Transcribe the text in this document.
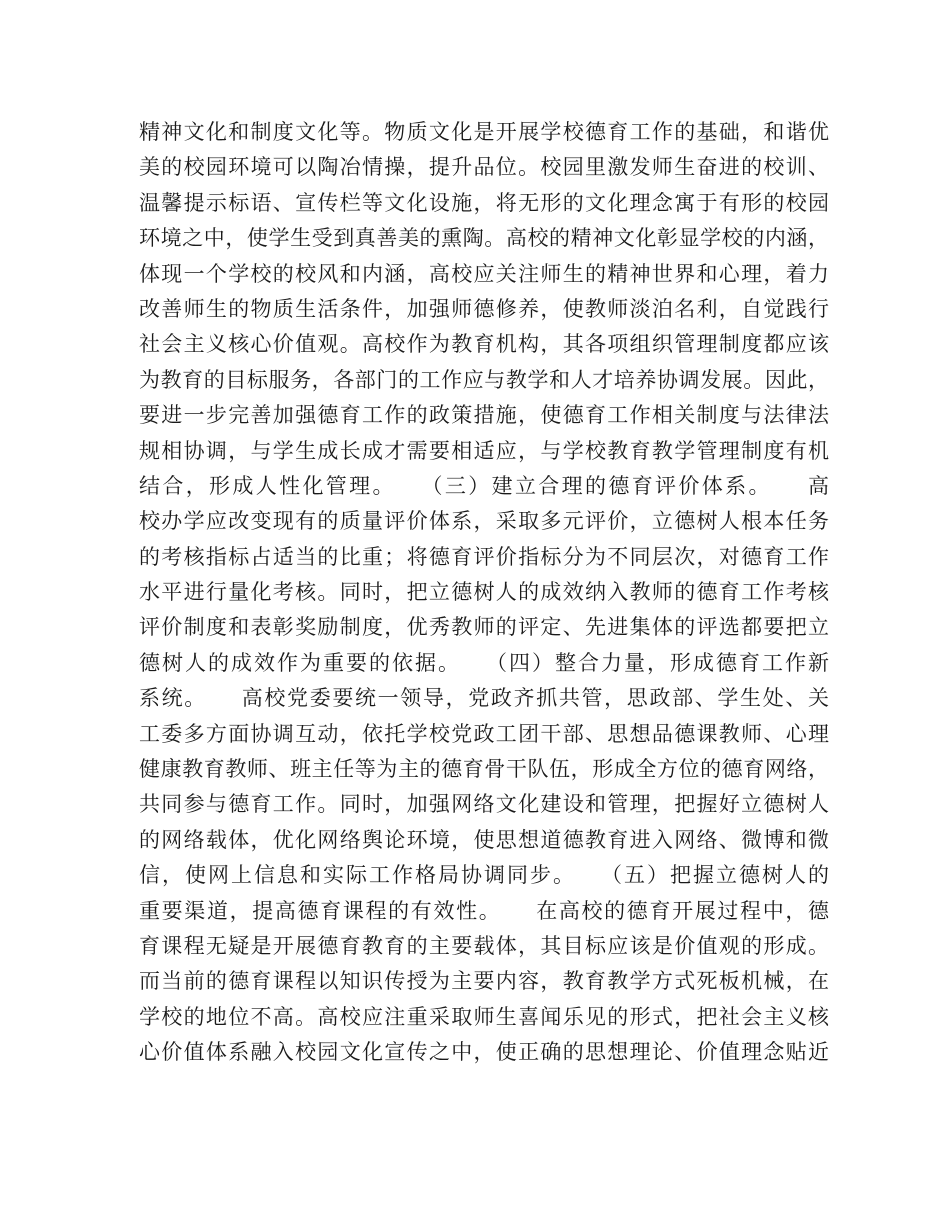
精神文化和制度文化等。物质文化是开展学校德育工作的基础，和谐优
美的校园环境可以陶冶情操，提升品位。校园里激发师生奋进的校训、
温馨提示标语、宣传栏等文化设施，将无形的文化理念寓于有形的校园
环境之中，使学生受到真善美的熏陶。高校的精神文化彰显学校的内涵，
体现一个学校的校风和内涵，高校应关注师生的精神世界和心理，着力
改善师生的物质生活条件，加强师德修养，使教师淡泊名利，自觉践行
社会主义核心价值观。高校作为教育机构，其各项组织管理制度都应该
为教育的目标服务，各部门的工作应与教学和人才培养协调发展。因此，
要进一步完善加强德育工作的政策措施，使德育工作相关制度与法律法
规相协调，与学生成长成才需要相适应，与学校教育教学管理制度有机
结合，形成人性化管理。　　（三）建立合理的德育评价体系。　　高
校办学应改变现有的质量评价体系，采取多元评价，立德树人根本任务
的考核指标占适当的比重；将德育评价指标分为不同层次，对德育工作
水平进行量化考核。同时，把立德树人的成效纳入教师的德育工作考核
评价制度和表彰奖励制度，优秀教师的评定、先进集体的评选都要把立
德树人的成效作为重要的依据。　　（四）整合力量，形成德育工作新
系统。　　高校党委要统一领导，党政齐抓共管，思政部、学生处、关
工委多方面协调互动，依托学校党政工团干部、思想品德课教师、心理
健康教育教师、班主任等为主的德育骨干队伍，形成全方位的德育网络，
共同参与德育工作。同时，加强网络文化建设和管理，把握好立德树人
的网络载体，优化网络舆论环境，使思想道德教育进入网络、微博和微
信，使网上信息和实际工作格局协调同步。　　（五）把握立德树人的
重要渠道，提高德育课程的有效性。　　在高校的德育开展过程中，德
育课程无疑是开展德育教育的主要载体，其目标应该是价值观的形成。
而当前的德育课程以知识传授为主要内容，教育教学方式死板机械，在
学校的地位不高。高校应注重采取师生喜闻乐见的形式，把社会主义核
心价值体系融入校园文化宣传之中，使正确的思想理论、价值理念贴近
